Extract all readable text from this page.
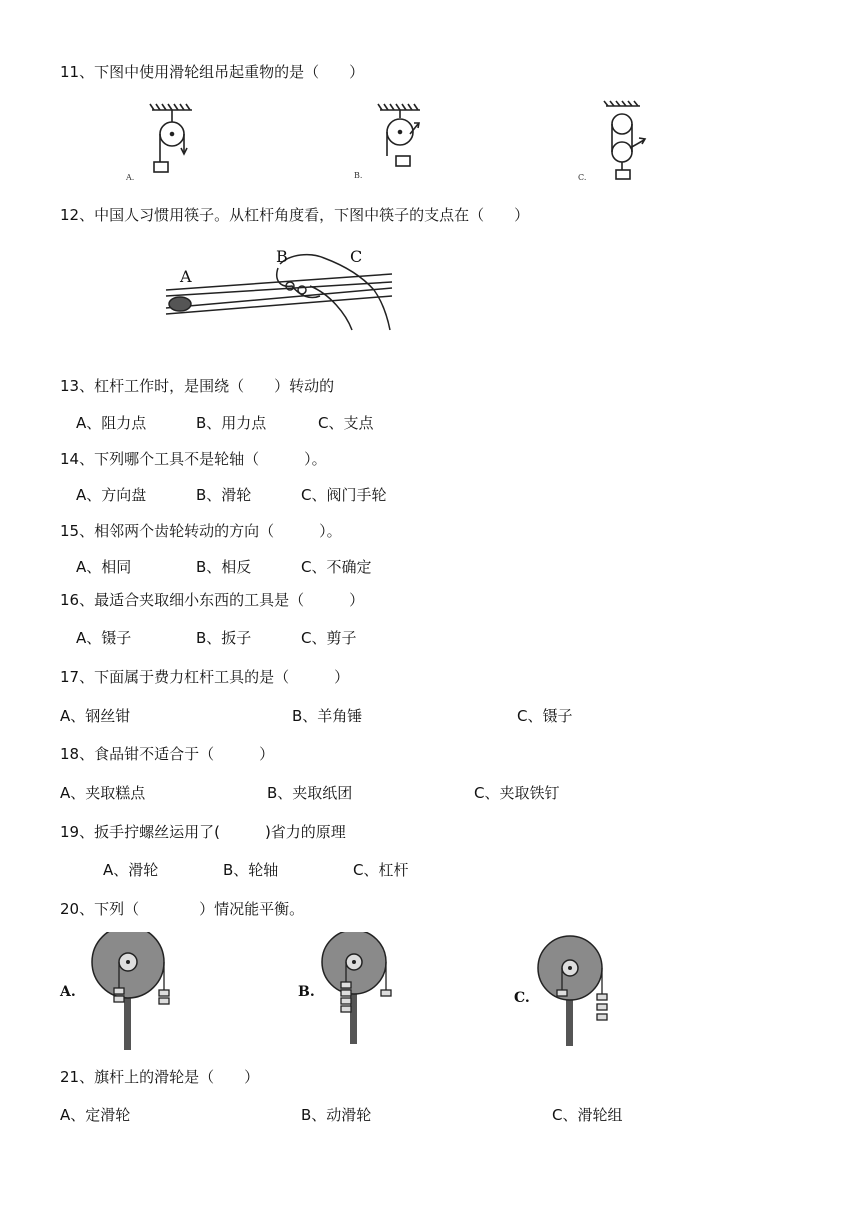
11、下图中使用滑轮组吊起重物的是（　　）
A.	B.	C.
12、中国人习惯用筷子。从杠杆角度看，下图中筷子的支点在（　　）
A
B	C
13、杠杆工作时，是围绕（　　）转动的
A、阻力点	B、用力点	C、支点
14、下列哪个工具不是轮轴（　　　）。
A、方向盘	B、滑轮	C、阀门手轮
15、相邻两个齿轮转动的方向（　　　）。
A、相同	B、相反	C、不确定
16、最适合夹取细小东西的工具是（　　　）
A、镊子	B、扳子	C、剪子
17、下面属于费力杠杆工具的是（　　　）
A、钢丝钳	B、羊角锤	C、镊子
18、食品钳不适合于（　　　）
A、夹取糕点	B、夹取纸团	C、夹取铁钉
19、扳手拧螺丝运用了(　　　)省力的原理
A、滑轮	B、轮轴	C、杠杆
20、下列（　　　　）情况能平衡。
A.	B.	C.
21、旗杆上的滑轮是（　　）
A、定滑轮	B、动滑轮	C、滑轮组
